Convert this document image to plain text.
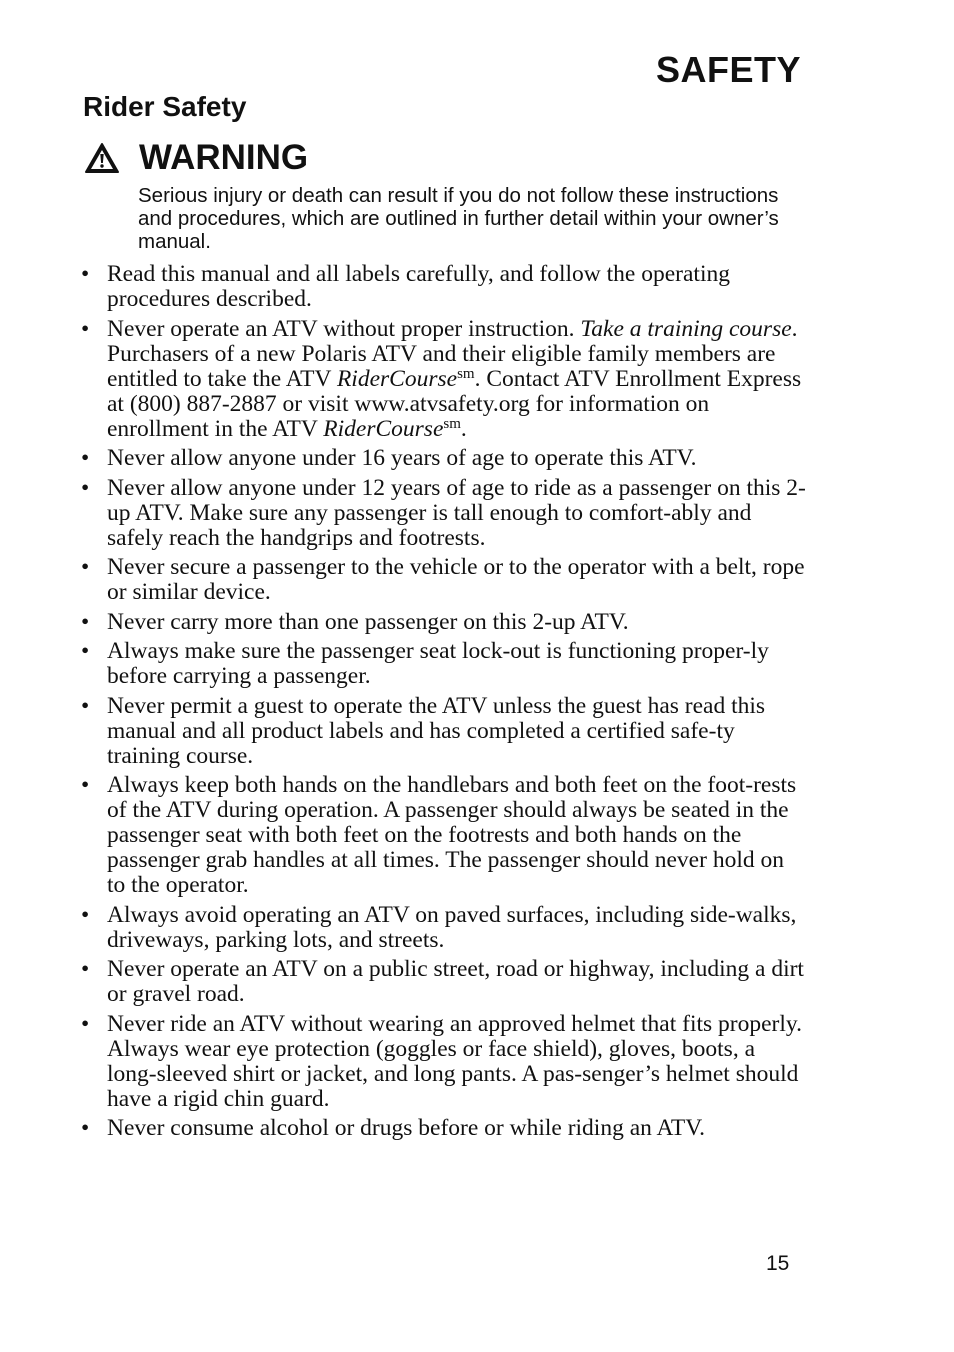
SAFETY
Rider Safety
WARNING

Serious injury or death can result if you do not follow these instructions and procedures, which are outlined in further detail within your owner’s manual.

• Read this manual and all labels carefully, and follow the operating procedures described.
• Never operate an ATV without proper instruction. Take a training course. Purchasers of a new Polaris ATV and their eligible family members are entitled to take the ATV RiderCourse$^{sm}$. Contact ATV Enrollment Express at (800) 887-2887 or visit www.atvsafety.org for information on enrollment in the ATV RiderCourse$^{sm}$.
• Never allow anyone under 16 years of age to operate this ATV.
• Never allow anyone under 12 years of age to ride as a passenger on this 2-up ATV. Make sure any passenger is tall enough to comfort-ably and safely reach the handgrips and footrests.
• Never secure a passenger to the vehicle or to the operator with a belt, rope or similar device.
• Never carry more than one passenger on this 2-up ATV.
• Always make sure the passenger seat lock-out is functioning proper-ly before carrying a passenger.
• Never permit a guest to operate the ATV unless the guest has read this manual and all product labels and has completed a certified safe-ty training course.
• Always keep both hands on the handlebars and both feet on the foot-rests of the ATV during operation. A passenger should always be seated in the passenger seat with both feet on the footrests and both hands on the passenger grab handles at all times. The passenger should never hold on to the operator.
• Always avoid operating an ATV on paved surfaces, including side-walks, driveways, parking lots, and streets.
• Never operate an ATV on a public street, road or highway, including a dirt or gravel road.
• Never ride an ATV without wearing an approved helmet that fits properly. Always wear eye protection (goggles or face shield), gloves, boots, a long-sleeved shirt or jacket, and long pants. A pas-senger’s helmet should have a rigid chin guard.
• Never consume alcohol or drugs before or while riding an ATV.

15
